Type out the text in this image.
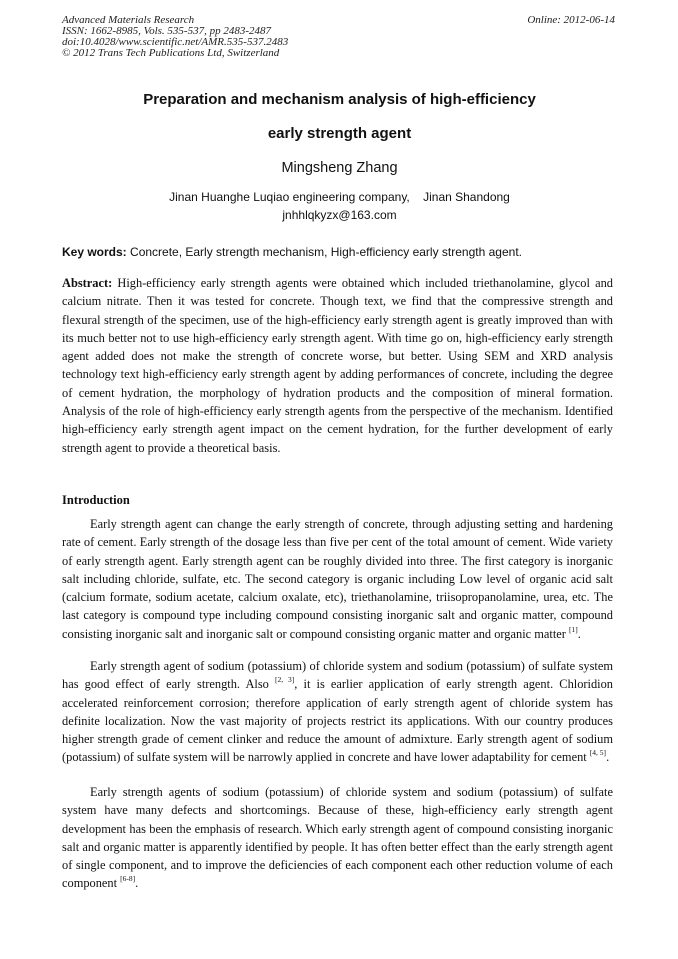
Advanced Materials Research
ISSN: 1662-8985, Vols. 535-537, pp 2483-2487
doi:10.4028/www.scientific.net/AMR.535-537.2483
© 2012 Trans Tech Publications Ltd, Switzerland
Online: 2012-06-14
Preparation and mechanism analysis of high-efficiency
early strength agent
Mingsheng Zhang
Jinan Huanghe Luqiao engineering company,    Jinan Shandong
jnhhlqkyzx@163.com
Key words: Concrete, Early strength mechanism, High-efficiency early strength agent.

Abstract: High-efficiency early strength agents were obtained which included triethanolamine, glycol and calcium nitrate. Then it was tested for concrete. Though text, we find that the compressive strength and flexural strength of the specimen, use of the high-efficiency early strength agent is greatly improved than with its much better not to use high-efficiency early strength agent. With time go on, high-efficiency early strength agent added does not make the strength of concrete worse, but better. Using SEM and XRD analysis technology text high-efficiency early strength agent by adding performances of concrete, including the degree of cement hydration, the morphology of hydration products and the composition of mineral formation. Analysis of the role of high-efficiency early strength agents from the perspective of the mechanism. Identified high-efficiency early strength agent impact on the cement hydration, for the further development of early strength agent to provide a theoretical basis.

Introduction

Early strength agent can change the early strength of concrete, through adjusting setting and hardening rate of cement. Early strength of the dosage less than five per cent of the total amount of cement. Wide variety of early strength agent. Early strength agent can be roughly divided into three. The first category is inorganic salt including chloride, sulfate, etc. The second category is organic including Low level of organic acid salt (calcium formate, sodium acetate, calcium oxalate, etc), triethanolamine, triisopropanolamine, urea, etc. The last category is compound type including compound consisting inorganic salt and organic matter, compound consisting inorganic salt and inorganic salt or compound consisting organic matter and organic matter [1].

Early strength agent of sodium (potassium) of chloride system and sodium (potassium) of sulfate system has good effect of early strength. Also [2, 3], it is earlier application of early strength agent. Chloridion accelerated reinforcement corrosion; therefore application of early strength agent of chloride system has definite localization. Now the vast majority of projects restrict its applications. With our country produces higher strength grade of cement clinker and reduce the amount of admixture. Early strength agent of sodium (potassium) of sulfate system will be narrowly applied in concrete and have lower adaptability for cement [4, 5].

Early strength agents of sodium (potassium) of chloride system and sodium (potassium) of sulfate system have many defects and shortcomings. Because of these, high-efficiency early strength agent development has been the emphasis of research. Which early strength agent of compound consisting inorganic salt and organic matter is apparently identified by people. It has often better effect than the early strength agent of single component, and to improve the deficiencies of each component each other reduction volume of each component [6-8].
